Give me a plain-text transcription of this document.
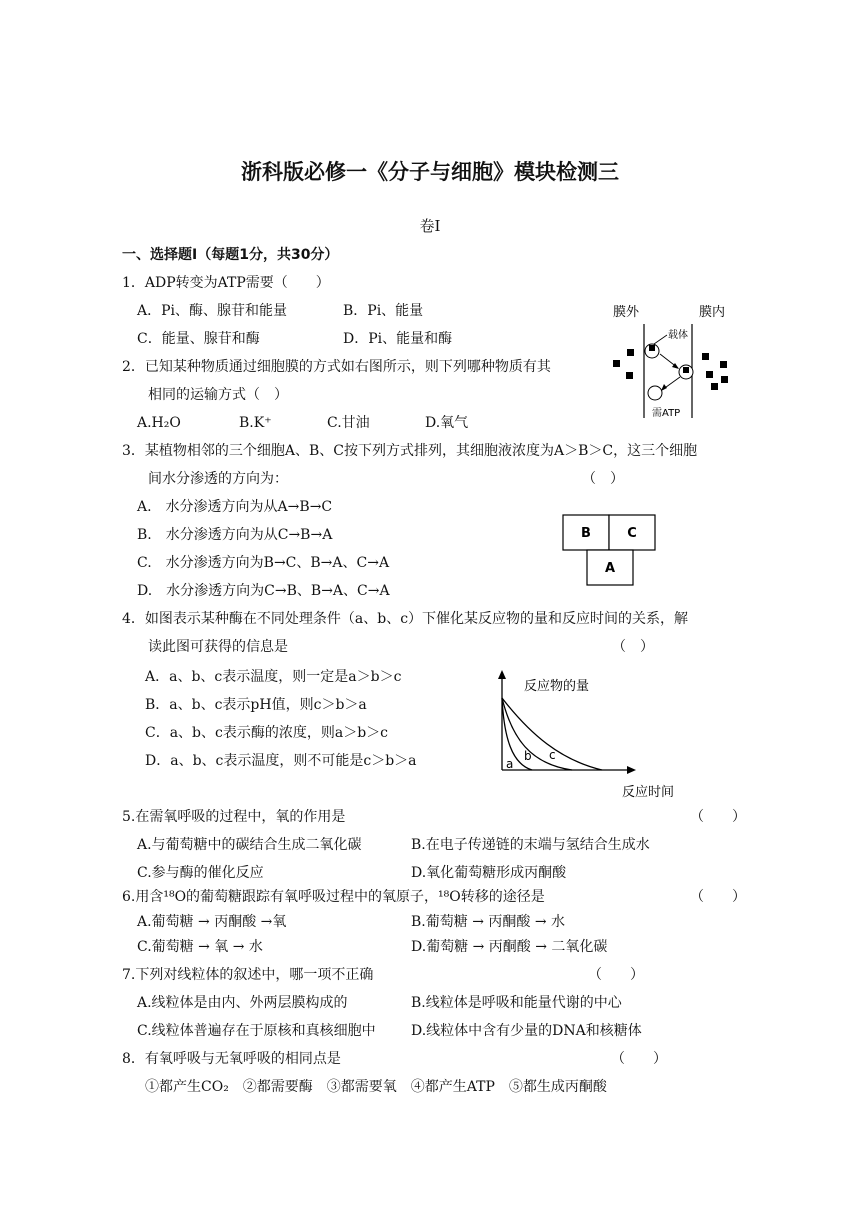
浙科版必修一《分子与细胞》模块检测三
卷Ⅰ
一、选择题Ⅰ（每题1分，共30分）
1．ADP转变为ATP需要（　　）
A．Pi、酶、腺苷和能量	B．Pi、能量
C．能量、腺苷和酶	D．Pi、能量和酶
膜外	膜内
载体
需ATP
2．已知某种物质通过细胞膜的方式如右图所示，则下列哪种物质有其
相同的运输方式（　）
A.H₂O	B.K⁺	C.甘油	D.氧气
3．某植物相邻的三个细胞A、B、C按下列方式排列，其细胞液浓度为A＞B＞C，这三个细胞
间水分渗透的方向为：	（　）
A.　水分渗透方向为从A→B→C
B.　水分渗透方向为从C→B→A
C.　水分渗透方向为B→C、B→A、C→A
D.　水分渗透方向为C→B、B→A、C→A
B	C
A
4．如图表示某种酶在不同处理条件（a、b、c）下催化某反应物的量和反应时间的关系，解
读此图可获得的信息是	（　）
A．a、b、c表示温度，则一定是a＞b＞c
B．a、b、c表示pH值，则c＞b＞a
C．a、b、c表示酶的浓度，则a＞b＞c
D．a、b、c表示温度，则不可能是c＞b＞a
反应物的量
反应时间
a
b c
5.在需氧呼吸的过程中，氧的作用是	（　　）
A.与葡萄糖中的碳结合生成二氧化碳	B.在电子传递链的末端与氢结合生成水
C.参与酶的催化反应	D.氧化葡萄糖形成丙酮酸
6.用含¹⁸O的葡萄糖跟踪有氧呼吸过程中的氧原子，¹⁸O转移的途径是	（　　）
A.葡萄糖 → 丙酮酸 →氧	B.葡萄糖 → 丙酮酸 → 水
C.葡萄糖 → 氧 → 水	D.葡萄糖 → 丙酮酸 → 二氧化碳
7.下列对线粒体的叙述中，哪一项不正确	（　　）
A.线粒体是由内、外两层膜构成的	B.线粒体是呼吸和能量代谢的中心
C.线粒体普遍存在于原核和真核细胞中	D.线粒体中含有少量的DNA和核糖体
8．有氧呼吸与无氧呼吸的相同点是	（　　）
①都产生CO₂　②都需要酶　③都需要氧　④都产生ATP　⑤都生成丙酮酸
